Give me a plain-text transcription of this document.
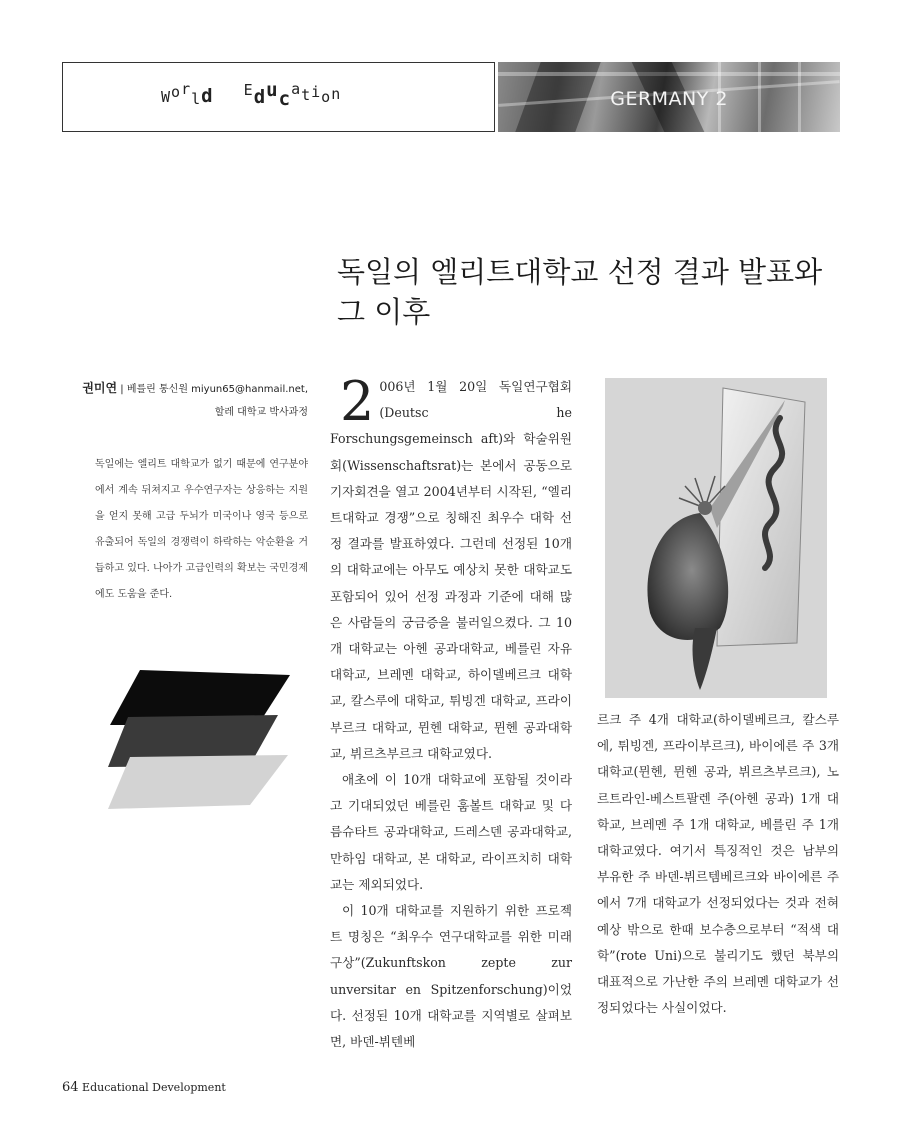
World Education	GERMANY 2
독일의 엘리트대학교 선정 결과 발표와
그 이후
권미연 | 베를린 통신원 miyun65@hanmail.net,
할레 대학교 박사과정

독일에는 엘리트 대학교가 없기 때문에 연구분야에서 계속 뒤쳐지고 우수연구자는 상응하는 지원을 얻지 못해 고급 두뇌가 미국이나 영국 등으로 유출되어 독일의 경쟁력이 하락하는 악순환을 거듭하고 있다. 나아가 고급인력의 확보는 국민경제에도 도움을 준다.

2 006년 1월 20일 독일연구협회(Deutsc he Forschungsgemeinsch aft)와 학술위원회(Wissenschaftsrat)는 본에서 공동으로 기자회견을 열고 2004년부터 시작된, “엘리트대학교 경쟁”으로 칭해진 최우수 대학 선정 결과를 발표하였다. 그런데 선정된 10개의 대학교에는 아무도 예상치 못한 대학교도 포함되어 있어 선정 과정과 기준에 대해 많은 사람들의 궁금증을 불러일으켰다. 그 10개 대학교는 아헨 공과대학교, 베를린 자유대학교, 브레멘 대학교, 하이델베르크 대학교, 칼스루에 대학교, 튀빙겐 대학교, 프라이부르크 대학교, 뮌헨 대학교, 뮌헨 공과대학교, 뷔르츠부르크 대학교였다.

애초에 이 10개 대학교에 포함될 것이라고 기대되었던 베를린 훔볼트 대학교 및 다름슈타트 공과대학교, 드레스덴 공과대학교, 만하임 대학교, 본 대학교, 라이프치히 대학교는 제외되었다.

이 10개 대학교를 지원하기 위한 프로젝트 명칭은 “최우수 연구대학교를 위한 미래구상”(Zukunftskon zepte zur unversitar en Spitzenforschung)이었다. 선정된 10개 대학교를 지역별로 살펴보면, 바덴-뷔텐베

르크 주 4개 대학교(하이델베르크, 칼스루에, 튀빙겐, 프라이부르크), 바이에른 주 3개 대학교(뮌헨, 뮌헨 공과, 뷔르츠부르크), 노르트라인-베스트팔렌 주(아헨 공과) 1개 대학교, 브레멘 주 1개 대학교, 베를린 주 1개 대학교였다. 여기서 특징적인 것은 남부의 부유한 주 바덴-뷔르템베르크와 바이에른 주에서 7개 대학교가 선정되었다는 것과 전혀 예상 밖으로 한때 보수층으로부터 “적색 대학”(rote Uni)으로 불리기도 했던 북부의 대표적으로 가난한 주의 브레멘 대학교가 선정되었다는 사실이었다.

64 Educational Development
